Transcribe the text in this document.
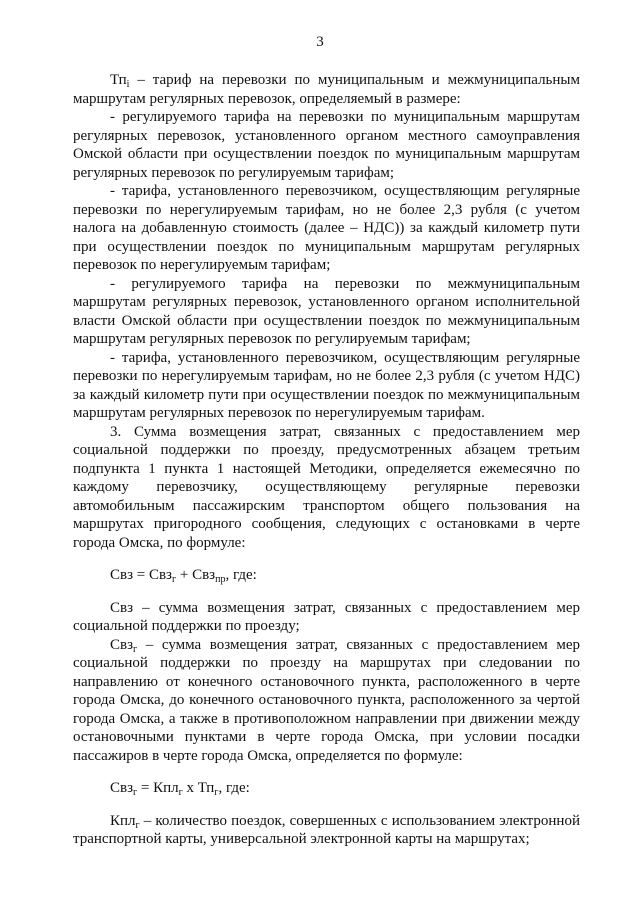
3

$Тп_i$ – тариф на перевозки по муниципальным и межмуниципальным маршрутам регулярных перевозок, определяемый в размере:

- регулируемого тарифа на перевозки по муниципальным маршрутам регулярных перевозок, установленного органом местного самоуправления Омской области при осуществлении поездок по муниципальным маршрутам регулярных перевозок по регулируемым тарифам;

- тарифа, установленного перевозчиком, осуществляющим регулярные перевозки по нерегулируемым тарифам, но не более 2,3 рубля (с учетом налога на добавленную стоимость (далее – НДС)) за каждый километр пути при осуществлении поездок по муниципальным маршрутам регулярных перевозок по нерегулируемым тарифам;

- регулируемого тарифа на перевозки по межмуниципальным маршрутам регулярных перевозок, установленного органом исполнительной власти Омской области при осуществлении поездок по межмуниципальным маршрутам регулярных перевозок по регулируемым тарифам;

- тарифа, установленного перевозчиком, осуществляющим регулярные перевозки по нерегулируемым тарифам, но не более 2,3 рубля (с учетом НДС) за каждый километр пути при осуществлении поездок по межмуниципальным маршрутам регулярных перевозок по нерегулируемым тарифам.

3. Сумма возмещения затрат, связанных с предоставлением мер социальной поддержки по проезду, предусмотренных абзацем третьим подпункта 1 пункта 1 настоящей Методики, определяется ежемесячно по каждому перевозчику, осуществляющему регулярные перевозки автомобильным пассажирским транспортом общего пользования на маршрутах пригородного сообщения, следующих с остановками в черте города Омска, по формуле:

Свз = Свз$_г$ + Свз$_{пр}$, где:

Свз – сумма возмещения затрат, связанных с предоставлением мер социальной поддержки по проезду;

Свз$_г$ – сумма возмещения затрат, связанных с предоставлением мер социальной поддержки по проезду на маршрутах при следовании по направлению от конечного остановочного пункта, расположенного в черте города Омска, до конечного остановочного пункта, расположенного за чертой города Омска, а также в противоположном направлении при движении между остановочными пунктами в черте города Омска, при условии посадки пассажиров в черте города Омска, определяется по формуле:

Свз$_г$ = Кпл$_г$ х $Тп_г$, где:

Кпл$_г$ – количество поездок, совершенных с использованием электронной транспортной карты, универсальной электронной карты на маршрутах;
